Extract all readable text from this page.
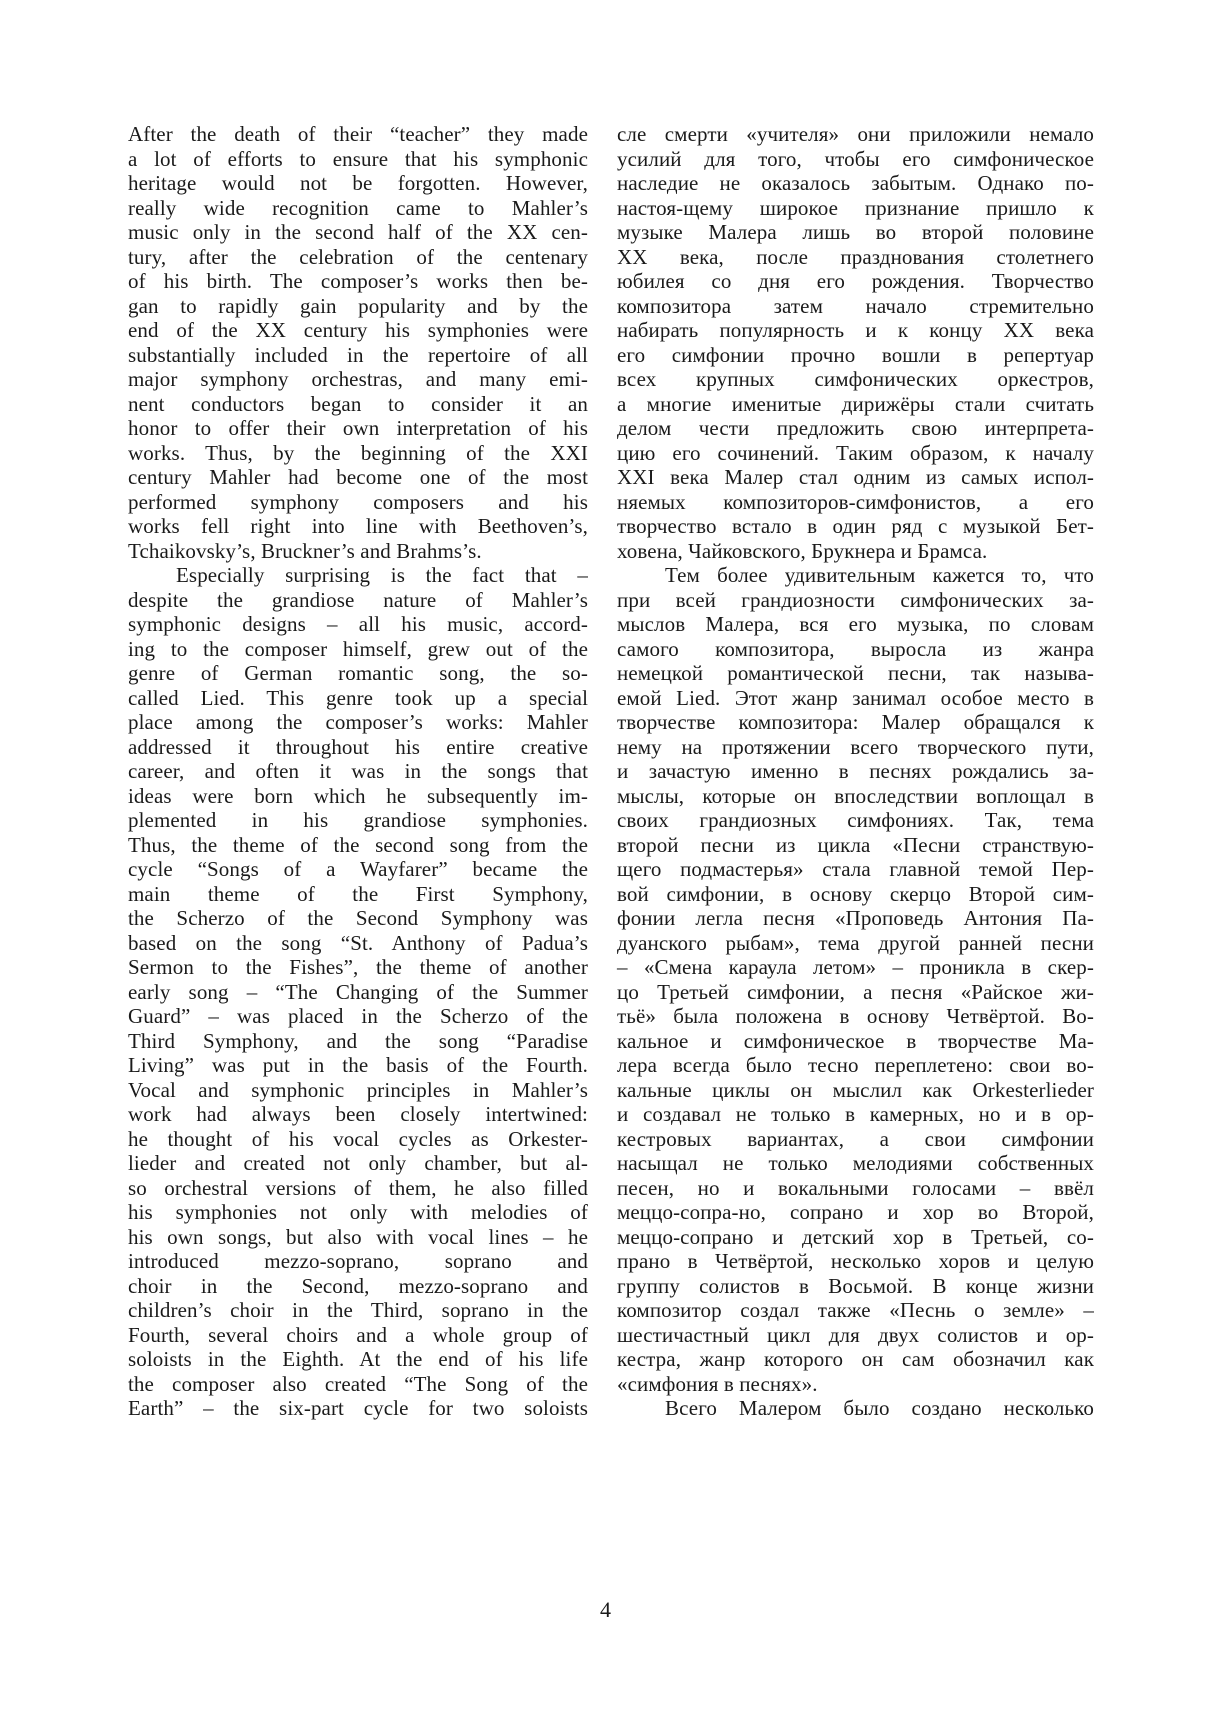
After the death of their “teacher” they made
a lot of efforts to ensure that his symphonic
heritage would not be forgotten. However,
really wide recognition came to Mahler’s
music only in the second half of the XX cen-
tury, after the celebration of the centenary
of his birth. The composer’s works then be-
gan to rapidly gain popularity and by the
end of the XX century his symphonies were
substantially included in the repertoire of all
major symphony orchestras, and many emi-
nent conductors began to consider it an
honor to offer their own interpretation of his
works. Thus, by the beginning of the XXI
century Mahler had become one of the most
performed symphony composers and his
works fell right into line with Beethoven’s,
Tchaikovsky’s, Bruckner’s and Brahms’s.
Especially surprising is the fact that –
despite the grandiose nature of Mahler’s
symphonic designs – all his music, accord-
ing to the composer himself, grew out of the
genre of German romantic song, the so-
called Lied. This genre took up a special
place among the composer’s works: Mahler
addressed it throughout his entire creative
career, and often it was in the songs that
ideas were born which he subsequently im-
plemented in his grandiose symphonies.
Thus, the theme of the second song from the
cycle “Songs of a Wayfarer” became the
main theme of the First Symphony,
the Scherzo of the Second Symphony was
based on the song “St. Anthony of Padua’s
Sermon to the Fishes”, the theme of another
early song – “The Changing of the Summer
Guard” – was placed in the Scherzo of the
Third Symphony, and the song “Paradise
Living” was put in the basis of the Fourth.
Vocal and symphonic principles in Mahler’s
work had always been closely intertwined:
he thought of his vocal cycles as Orkester-
lieder and created not only chamber, but al-
so orchestral versions of them, he also filled
his symphonies not only with melodies of
his own songs, but also with vocal lines – he
introduced mezzo-soprano, soprano and
choir in the Second, mezzo-soprano and
children’s choir in the Third, soprano in the
Fourth, several choirs and a whole group of
soloists in the Eighth. At the end of his life
the composer also created “The Song of the
Earth” – the six-part cycle for two soloists
сле смерти «учителя» они приложили немало
усилий для того, чтобы его симфоническое
наследие не оказалось забытым. Однако по-
настоя-щему широкое признание пришло к
музыке Малера лишь во второй половине
XX века, после празднования столетнего
юбилея со дня его рождения. Творчество
композитора затем начало стремительно
набирать популярность и к концу XX века
его симфонии прочно вошли в репертуар
всех крупных симфонических оркестров,
а многие именитые дирижёры стали считать
делом чести предложить свою интерпрета-
цию его сочинений. Таким образом, к началу
XXI века Малер стал одним из самых испол-
няемых композиторов-симфонистов, а его
творчество встало в один ряд с музыкой Бет-
ховена, Чайковского, Брукнера и Брамса.
Тем более удивительным кажется то, что
при всей грандиозности симфонических за-
мыслов Малера, вся его музыка, по словам
самого композитора, выросла из жанра
немецкой романтической песни, так называ-
емой Lied. Этот жанр занимал особое место в
творчестве композитора: Малер обращался к
нему на протяжении всего творческого пути,
и зачастую именно в песнях рождались за-
мыслы, которые он впоследствии воплощал в
своих грандиозных симфониях. Так, тема
второй песни из цикла «Песни странствую-
щего подмастерья» стала главной темой Пер-
вой симфонии, в основу скерцо Второй сим-
фонии легла песня «Проповедь Антония Па-
дуанского рыбам», тема другой ранней песни
– «Смена караула летом» – проникла в скер-
цо Третьей симфонии, а песня «Райское жи-
тьё» была положена в основу Четвёртой. Во-
кальное и симфоническое в творчестве Ма-
лера всегда было тесно переплетено: свои во-
кальные циклы он мыслил как Orkesterlieder
и создавал не только в камерных, но и в ор-
кестровых вариантах, а свои симфонии
насыщал не только мелодиями собственных
песен, но и вокальными голосами – ввёл
меццо-сопра-но, сопрано и хор во Второй,
меццо-сопрано и детский хор в Третьей, со-
прано в Четвёртой, несколько хоров и целую
группу солистов в Восьмой. В конце жизни
композитор создал также «Песнь о земле» –
шестичастный цикл для двух солистов и ор-
кестра, жанр которого он сам обозначил как
«симфония в песнях».
Всего Малером было создано несколько
4
